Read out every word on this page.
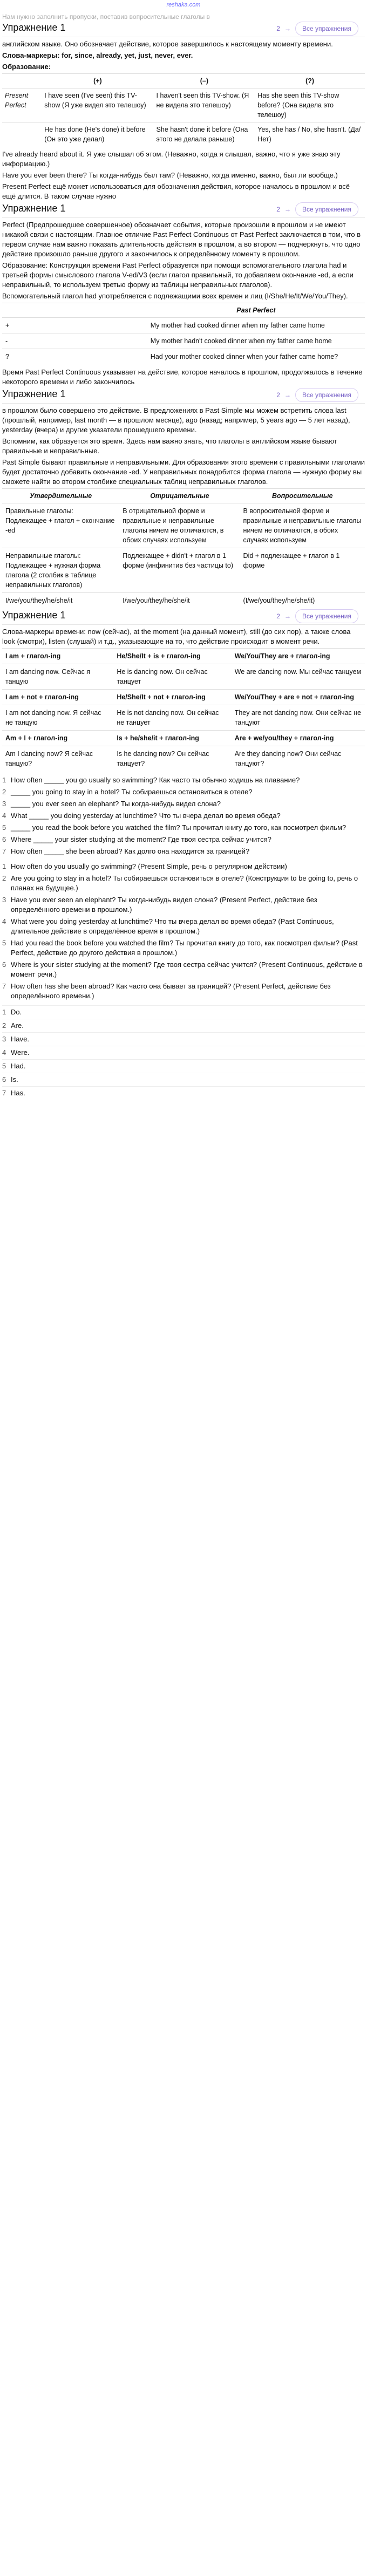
reshaka.com
Нам нужно заполнить пропуски, поставив вопросительные глаголы в
Упражнение 1	2 →	Все упражнения

английском языке. Оно обозначает действие, которое завершилось к настоящему моменту времени.

Слова-маркеры: for, since, already, yet, just, never, ever.

Образование:

	(+)	(–)	(?)
Present Perfect	I have seen (I've seen) this TV-show (Я уже видел это телешоу)	I haven't seen this TV-show. (Я не видела это телешоу)	Has she seen this TV-show before? (Она видела это телешоу)
	He has done (He's done) it before (Он это уже делал)	She hasn't done it before (Она этого не делала раньше)	Yes, she has / No, she hasn't. (Да/Нет)

I've already heard about it. Я уже слышал об этом. (Неважно, когда я слышал, важно, что я уже знаю эту информацию.)

Have you ever been there? Ты когда-нибудь был там? (Неважно, когда именно, важно, был ли вообще.)

Present Perfect ещё может использоваться для обозначения действия, которое началось в прошлом и всё ещё длится. В таком случае нужно

Упражнение 1	2 →	Все упражнения

Perfect (Предпрошедшее совершенное) обозначает события, которые произошли в прошлом и не имеют никакой связи с настоящим. Главное отличие Past Perfect Continuous от Past Perfect заключается в том, что в первом случае нам важно показать длительность действия в прошлом, а во втором — подчеркнуть, что одно действие произошло раньше другого и закончилось к определённому моменту в прошлом.

Образование: Конструкция времени Past Perfect образуется при помощи вспомогательного глагола had и третьей формы смыслового глагола V-ed/V3 (если глагол правильный, то добавляем окончание -ed, а если неправильный, то используем третью форму из таблицы неправильных глаголов).

Вспомогательный глагол had употребляется с подлежащими всех времен и лиц (I/She/He/It/We/You/They).

	Past Perfect
+	My mother had cooked dinner when my father came home
-	My mother hadn't cooked dinner when my father came home
?	Had your mother cooked dinner when your father came home?

Время Past Perfect Continuous указывает на действие, которое началось в прошлом, продолжалось в течение некоторого времени и либо закончилось

Упражнение 1	2 →	Все упражнения

в прошлом было совершено это действие. В предложениях в Past Simple мы можем встретить слова last (прошлый, например, last month — в прошлом месяце), ago (назад; например, 5 years ago — 5 лет назад), yesterday (вчера) и другие указатели прошедшего времени.

Вспомним, как образуется это время. Здесь нам важно знать, что глаголы в английском языке бывают правильные и неправильные.

Past Simple бывают правильные и неправильными. Для образования этого времени с правильными глаголами будет достаточно добавить окончание -ed. У неправильных понадобится форма глагола — нужную форму вы сможете найти во втором столбике специальных таблиц неправильных глаголов.

Утвердительные	Отрицательные	Вопросительные
Правильные глаголы: Подлежащее + глагол + окончание -ed	В отрицательной форме и правильные и неправильные глаголы ничем не отличаются, в обоих случаях используем	В вопросительной форме и правильные и неправильные глаголы ничем не отличаются, в обоих случаях используем
Неправильные глаголы: Подлежащее + нужная форма глагола (2 столбик в таблице неправильных глаголов)	Подлежащее + didn't + глагол в 1 форме (инфинитив без частицы to)	Did + подлежащее + глагол в 1 форме
I/we/you/they/he/she/it	I/we/you/they/he/she/it	(I/we/you/they/he/she/it)
Упражнение 1	2 →	Все упражнения

Слова-маркеры времени: now (сейчас), at the moment (на данный момент), still (до сих пор), а также слова look (смотри), listen (слушай) и т.д., указывающие на то, что действие происходит в момент речи.

I am + глагол-ing	He/She/It + is + глагол-ing	We/You/They are + глагол-ing
I am dancing now. Сейчас я танцую	He is dancing now. Он сейчас танцует	We are dancing now. Мы сейчас танцуем
I am + not + глагол-ing	He/She/It + not + глагол-ing	We/You/They + are + not + глагол-ing
I am not dancing now. Я сейчас не танцую	He is not dancing now. Он сейчас не танцует	They are not dancing now. Они сейчас не танцуют
Am + I + глагол-ing	Is + he/she/it + глагол-ing	Are + we/you/they + глагол-ing
Am I dancing now? Я сейчас танцую?	Is he dancing now? Он сейчас танцует?	Are they dancing now? Они сейчас танцуют?
1 How often _____ you go usually so swimming? Как часто ты обычно ходишь на плавание?
2 _____ you going to stay in a hotel? Ты собираешься остановиться в отеле?
3 _____ you ever seen an elephant? Ты когда-нибудь видел слона?
4 What _____ you doing yesterday at lunchtime? Что ты вчера делал во время обеда?
5 _____ you read the book before you watched the film? Ты прочитал книгу до того, как посмотрел фильм?
6 Where _____ your sister studying at the moment? Где твоя сестра сейчас учится?
7 How often _____ she been abroad? Как долго она находится за границей?
1 How often do you usually go swimming? (Present Simple, речь о регулярном действии)
2 Are you going to stay in a hotel? Ты собираешься остановиться в отеле? (Конструкция to be going to, речь о планах на будущее.)
3 Have you ever seen an elephant? Ты когда-нибудь видел слона? (Present Perfect, действие без определённого времени в прошлом.)
4 What were you doing yesterday at lunchtime? Что ты вчера делал во время обеда? (Past Continuous, длительное действие в определённое время в прошлом.)
5 Had you read the book before you watched the film? Ты прочитал книгу до того, как посмотрел фильм? (Past Perfect, действие до другого действия в прошлом.)
6 Where is your sister studying at the moment? Где твоя сестра сейчас учится? (Present Continuous, действие в момент речи.)
7 How often has she been abroad? Как часто она бывает за границей? (Present Perfect, действие без определённого времени.)
1 Do.
2 Are.
3 Have.
4 Were.
5 Had.
6 Is.
7 Has.
